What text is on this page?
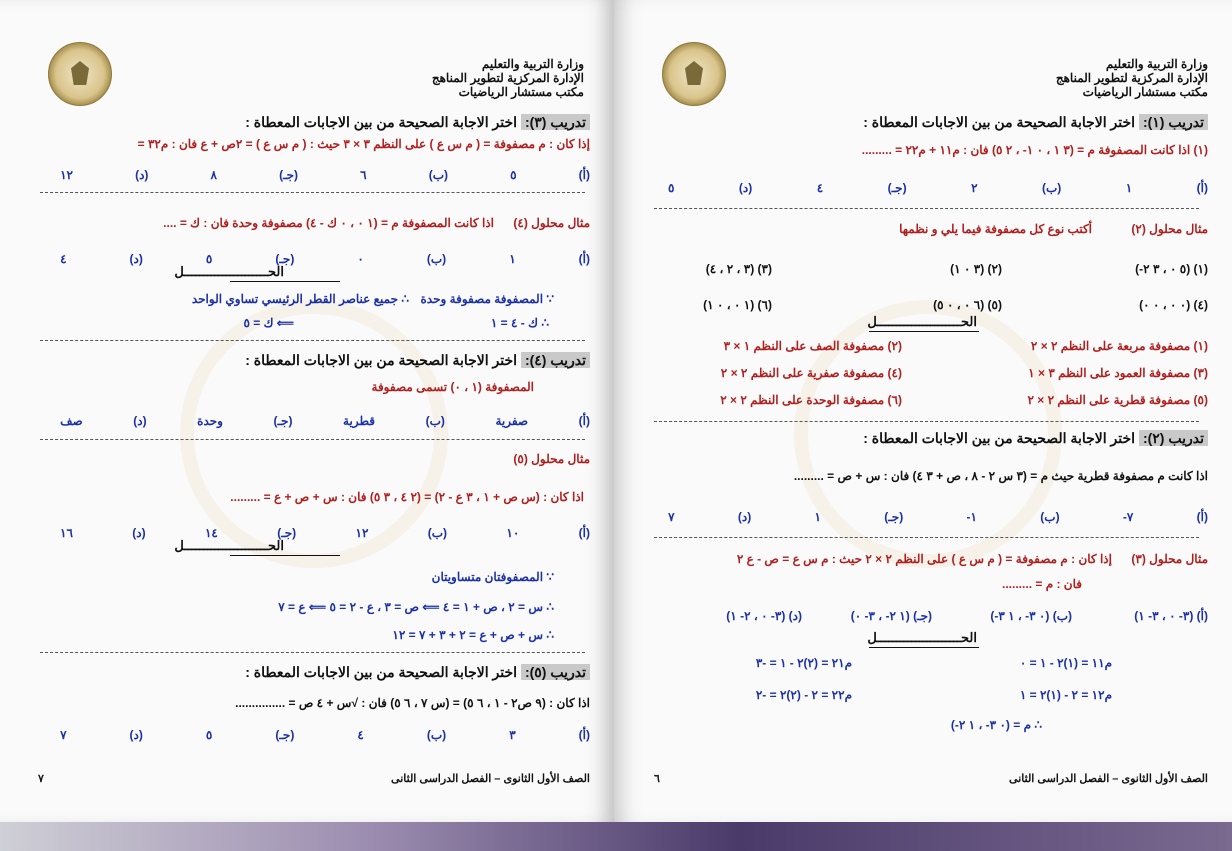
وزارة التربية والتعليم
الإدارة المركزية لتطوير المناهج
مكتب مستشار الرياضيات
تدريب (٣): اختر الاجابة الصحيحة من بين الاجابات المعطاة :
إذا كان : م مصفوفة = ( م س ع ) على النظم ٣ × ٣ حيث : ( م س ع ) = ٢ص + ع فان : م٣٢ =
(أ)
٥
(ب)
٦
(جـ)
٨
(د)
١٢
مثال محلول (٤)
اذا كانت المصفوفة م = (١ ٠ ، ٠ ك - ٤) مصفوفة وحدة فان : ك = ....
(أ)
١
(ب)
٠
(جـ)
٥
(د)
٤
الحــــــــــــــــــــــل
∵ المصفوفة مصفوفة وحدة
∴ جميع عناصر القطر الرئيسي تساوي الواحد
∴ ك - ٤ = ١
⟸ ك = ٥
تدريب (٤): اختر الاجابة الصحيحة من بين الاجابات المعطاة :
المصفوفة (١ ، ٠) تسمى مصفوفة
(أ)
صفرية
(ب)
قطرية
(جـ)
وحدة
(د)
صف
مثال محلول (٥)
اذا كان : (س ص + ١ ، ٣ ع - ٢) = (٢ ٤ ، ٣ ٥) فان : س + ص + ع = .........
(أ)
١٠
(ب)
١٢
(جـ)
١٤
(د)
١٦
الحــــــــــــــــــــــل
∵ المصفوفتان متساويتان
∴ س = ٢ ، ص + ١ = ٤ ⟸ ص = ٣ ، ع - ٢ = ٥ ⟸ ع = ٧
∴ س + ص + ع = ٢ + ٣ + ٧ = ١٢
تدريب (٥): اختر الاجابة الصحيحة من بين الاجابات المعطاة :
اذا كان : (٩ ص٢ - ١ ، ٦ ٥) = (س ٧ ، ٦ ٥) فان : √س + ٤ ص = ...............
(أ)
٣
(ب)
٤
(جـ)
٥
(د)
٧
الصف الأول الثانوى – الفصل الدراسى الثانى
٧
وزارة التربية والتعليم
الإدارة المركزية لتطوير المناهج
مكتب مستشار الرياضيات
تدريب (١): اختر الاجابة الصحيحة من بين الاجابات المعطاة :
(١) اذا كانت المصفوفة م = (٣ ١ ، ٠ ١- ، ٢ ٥) فان : م١١ + م٢٢ = .........
(أ)
١
(ب)
٢
(جـ)
٤
(د)
٥
مثال محلول (٢)
أكتب نوع كل مصفوفة فيما يلي و نظمها
(١) (٥ ٠ ، ٣ ٢-)
(٢) (٣ ٠ ١)
(٣) (٣ ، ٢ ، ٤)
(٤) (٠ ٠ ، ٠ ٠)
(٥) (٦ ٠ ، ٠ ٥)
(٦) (١ ٠ ، ٠ ١)
الحــــــــــــــــــــــل
(١) مصفوفة مربعة على النظم ٢ × ٢
(٢) مصفوفة الصف على النظم ١ × ٣
(٣) مصفوفة العمود على النظم ٣ × ١
(٤) مصفوفة صفرية على النظم ٢ × ٢
(٥) مصفوفة قطرية على النظم ٢ × ٢
(٦) مصفوفة الوحدة على النظم ٢ × ٢
تدريب (٢): اختر الاجابة الصحيحة من بين الاجابات المعطاة :
اذا كانت م مصفوفة قطرية حيث م = (٣ س ٢ - ٨ ، ص + ٣ ٤) فان : س + ص = .........
(أ)
٧-
(ب)
١-
(جـ)
١
(د)
٧
مثال محلول (٣)
إذا كان : م مصفوفة = ( م س ع ) على النظم ٢ × ٢ حيث : م س ع = ص - ع ٢
فان : م = .........
(أ) (٣- ٠ ، ٣- ١)
(ب) (٠ ٣- ، ١ ٣-)
(جـ) (١ ٢- ، ٣- ٠)
(د) (٣- ٠ ، ٢- ١)
الحــــــــــــــــــــــل
م١١ = (١)٢ - ١ = ٠
م٢١ = (٢)٢ - ١ = -٣
م١٢ = ٢ - (١)٢ = ١
م٢٢ = ٢ - (٢)٢ = -٢
∴ م = (٠ ٣- ، ١ ٢-)
الصف الأول الثانوى – الفصل الدراسى الثانى
٦
